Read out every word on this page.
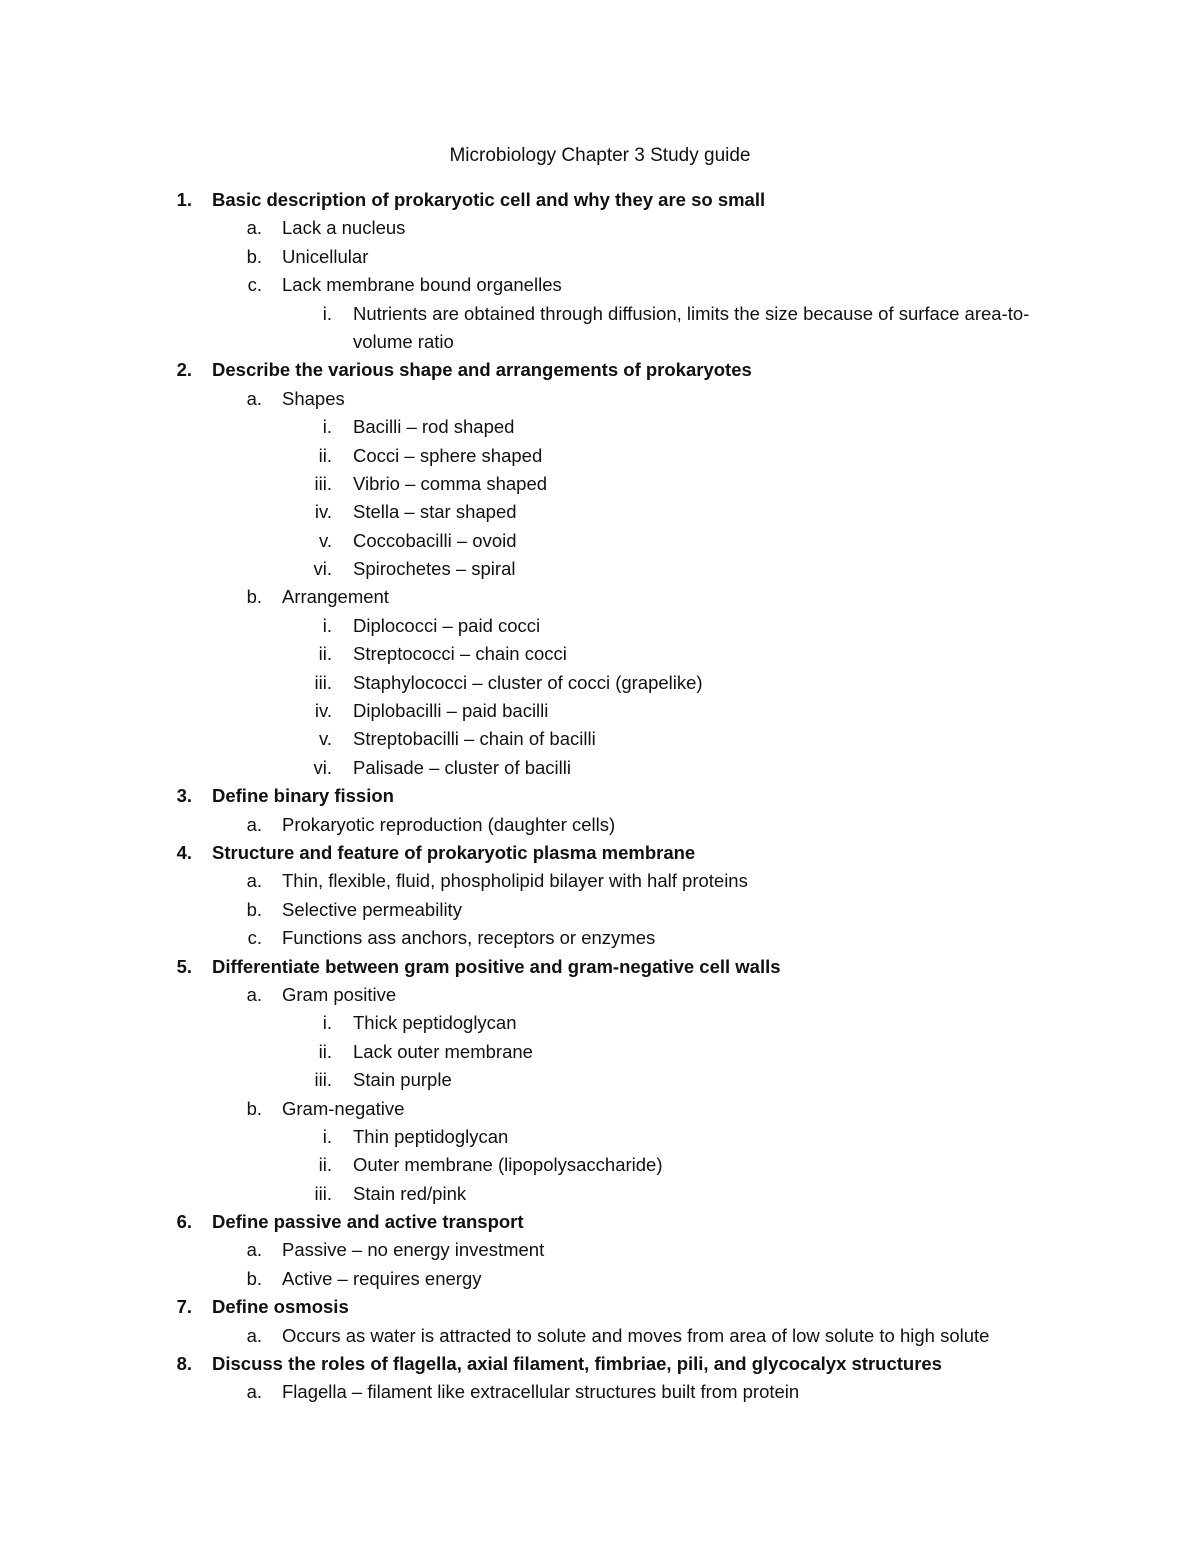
Microbiology Chapter 3 Study guide
1. Basic description of prokaryotic cell and why they are so small
a. Lack a nucleus
b. Unicellular
c. Lack membrane bound organelles
i. Nutrients are obtained through diffusion, limits the size because of surface area-to-volume ratio
2. Describe the various shape and arrangements of prokaryotes
a. Shapes
i. Bacilli – rod shaped
ii. Cocci – sphere shaped
iii. Vibrio – comma shaped
iv. Stella – star shaped
v. Coccobacilli – ovoid
vi. Spirochetes – spiral
b. Arrangement
i. Diplococci – paid cocci
ii. Streptococci – chain cocci
iii. Staphylococci – cluster of cocci (grapelike)
iv. Diplobacilli – paid bacilli
v. Streptobacilli – chain of bacilli
vi. Palisade – cluster of bacilli
3. Define binary fission
a. Prokaryotic reproduction (daughter cells)
4. Structure and feature of prokaryotic plasma membrane
a. Thin, flexible, fluid, phospholipid bilayer with half proteins
b. Selective permeability
c. Functions ass anchors, receptors or enzymes
5. Differentiate between gram positive and gram-negative cell walls
a. Gram positive
i. Thick peptidoglycan
ii. Lack outer membrane
iii. Stain purple
b. Gram-negative
i. Thin peptidoglycan
ii. Outer membrane (lipopolysaccharide)
iii. Stain red/pink
6. Define passive and active transport
a. Passive – no energy investment
b. Active – requires energy
7. Define osmosis
a. Occurs as water is attracted to solute and moves from area of low solute to high solute
8. Discuss the roles of flagella, axial filament, fimbriae, pili, and glycocalyx structures
a. Flagella – filament like extracellular structures built from protein
